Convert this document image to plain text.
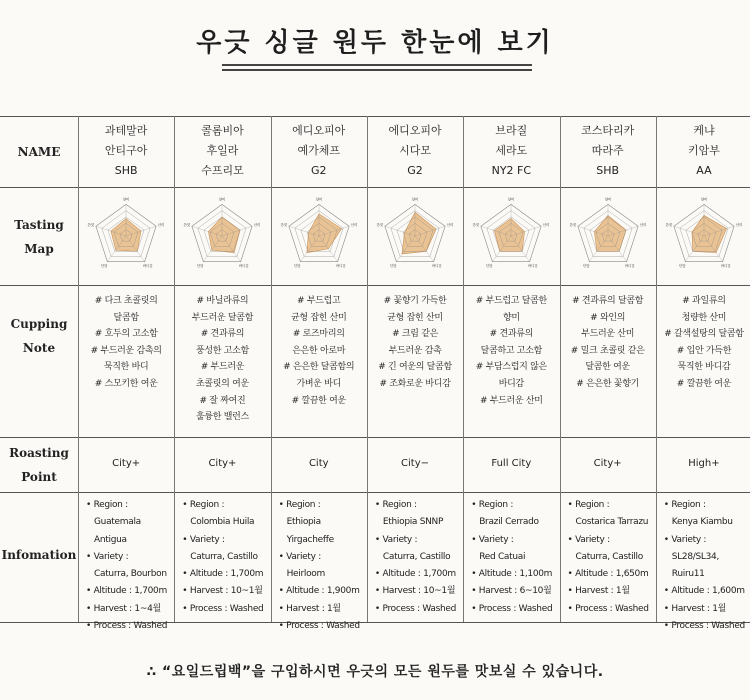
우긋 싱글 원두 한눈에 보기
NAME
Tasting
Map
Cupping
Note
Roasting
Point
Infomation
과테말라
안티구아
SHB
향미
산미
바디감
단맛
쓴맛
# 다크 초콜릿의
달콤함
# 호두의 고소함
# 부드러운 감촉의
묵직한 바디
# 스모키한 여운
City+
• Region :
Guatemala Antigua
• Variety :
Caturra, Bourbon
• Altitude : 1,700m
• Harvest : 1~4월
• Process : Washed
콜롬비아
후일라
수프리모
향미
산미
바디감
단맛
쓴맛
# 바닐라류의
부드러운 달콤함
# 견과류의
풍성한 고소함
# 부드러운
초콜릿의 여운
# 잘 짜여진
훌륭한 밸런스
City+
• Region :
Colombia Huila
• Variety :
Caturra, Castillo
• Altitude : 1,700m
• Harvest : 10~1월
• Process : Washed
에디오피아
예가체프
G2
향미
산미
바디감
단맛
쓴맛
# 부드럽고
균형 잡힌 산미
# 로즈마리의
은은한 아로마
# 은은한 달콤함의
가벼운 바디
# 깔끔한 여운
City
• Region :
Ethiopia Yirgacheffe
• Variety :
Heirloom
• Altitude : 1,900m
• Harvest : 1월
• Process : Washed
에디오피아
시다모
G2
향미
산미
바디감
단맛
쓴맛
# 꽃향기 가득한
균형 잡힌 산미
# 크림 같은
부드러운 감촉
# 긴 여운의 달콤함
# 조화로운 바디감
City−
• Region :
Ethiopia SNNP
• Variety :
Caturra, Castillo
• Altitude : 1,700m
• Harvest : 10~1월
• Process : Washed
브라질
세라도
NY2 FC
향미
산미
바디감
단맛
쓴맛
# 부드럽고 달콤한
향미
# 견과류의
달콤하고 고소함
# 부담스럽지 않은
바디감
# 부드러운 산미
Full City
• Region :
Brazil Cerrado
• Variety :
Red Catuai
• Altitude : 1,100m
• Harvest : 6~10월
• Process : Washed
코스타리카
따라주
SHB
향미
산미
바디감
단맛
쓴맛
# 견과류의 달콤함
# 와인의
부드러운 산미
# 밀크 초콜릿 같은
달콤한 여운
# 은은한 꽃향기
City+
• Region :
Costarica Tarrazu
• Variety :
Caturra, Castillo
• Altitude : 1,650m
• Harvest : 1월
• Process : Washed
케냐
키암부
AA
향미
산미
바디감
단맛
쓴맛
# 과일류의
청량한 산미
# 갈색설탕의 달콤함
# 입안 가득한
묵직한 바디감
# 깔끔한 여운
High+
• Region :
Kenya Kiambu
• Variety :
SL28/SL34, Ruiru11
• Altitude : 1,600m
• Harvest : 1월
• Process : Washed
∴ “요일드립백”을 구입하시면 우긋의 모든 원두를 맛보실 수 있습니다.
